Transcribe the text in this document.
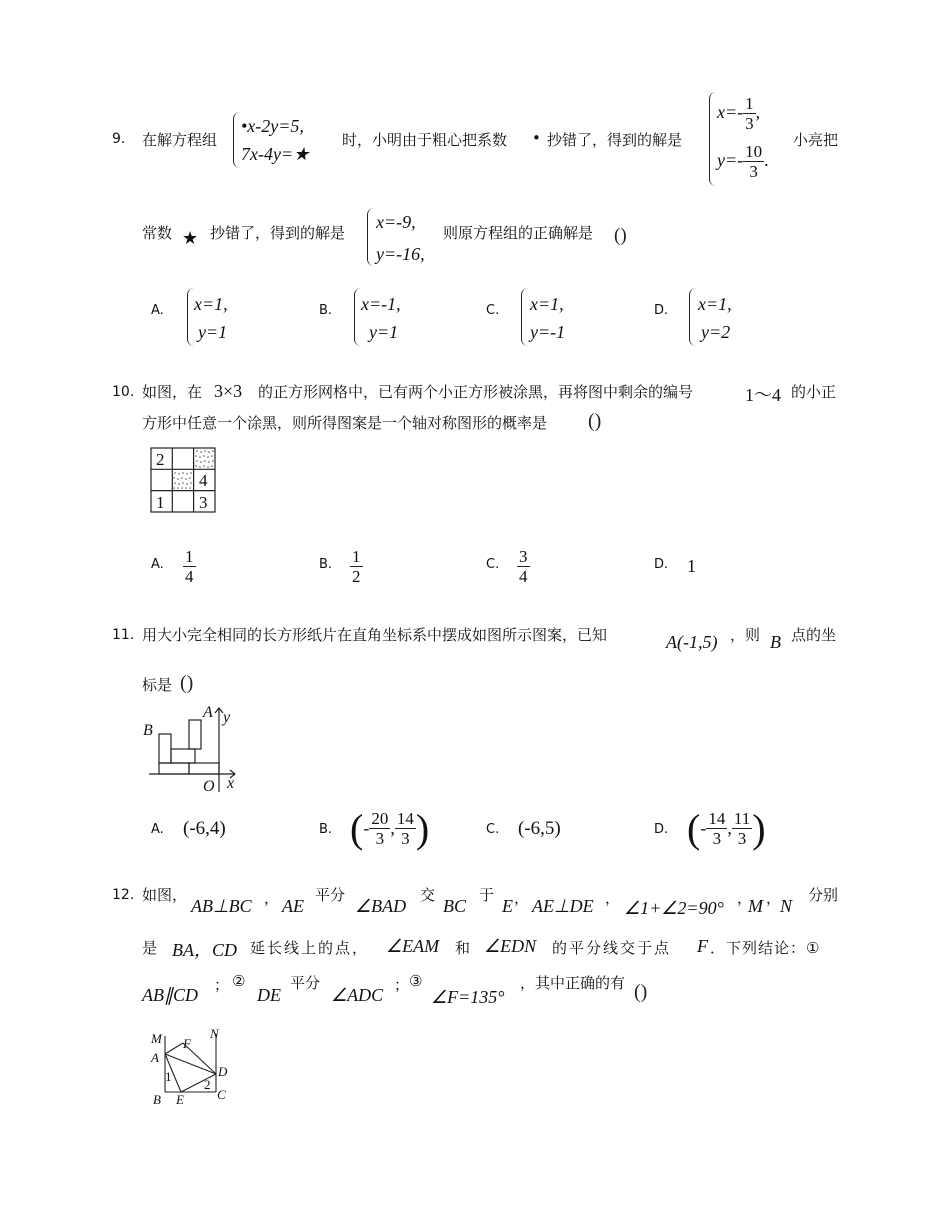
9. 在解方程组
•x-2y=5,
7x-4y=★
时，小明由于粗心把系数 • 抄错了，得到的解是
$x=- \frac{1}{3}$ ,
$y=- \frac{10}{3}$ .
小亮把
常数 ★ 抄错了，得到的解是
x=-9,
y=-16,
则原方程组的正确解是 ()
A. x=1,
y=1
B. x=-1,
y=1
C. x=1,
y=-1
D. x=1,
y=2
10. 如图，在 3×3 的正方形网格中，已有两个小正方形被涂黑，再将图中剩余的编号	1～4 的小正
方形中任意一个涂黑，则所得图案是一个轴对称图形的概率是 ()
2
4
1 3
A. $\frac{1}{4}$	B. $\frac{1}{2}$	C. $\frac{3}{4}$	D. 1
11. 用大小完全相同的长方形纸片在直角坐标系中摆成如图所示图案，已知	A(-1,5) ，则 B 点的坐
标是 ()
B
A y
O x
A. (-6,4)	B. (- $\frac{20}{3}$ , $\frac{14}{3}$ )	C. (-6,5)	D. (- $\frac{14}{3}$ , $\frac{11}{3}$ )
12. 如图，
AB⊥BC ， AE
平分
∠BAD
交
BC
于
E ， AE⊥DE ， ∠1+∠2=90° ，
M ，
N
分别
是 BA，CD 延长线上的点， ∠EAM 和 ∠EDN 的平分线交于点 F ．下列结论：①
AB∥CD ； ②
DE
平分
∠ADC ； ③
∠F=135°
，其中正确的有 ()
M	N
F
A
D
1
2
B E	C
